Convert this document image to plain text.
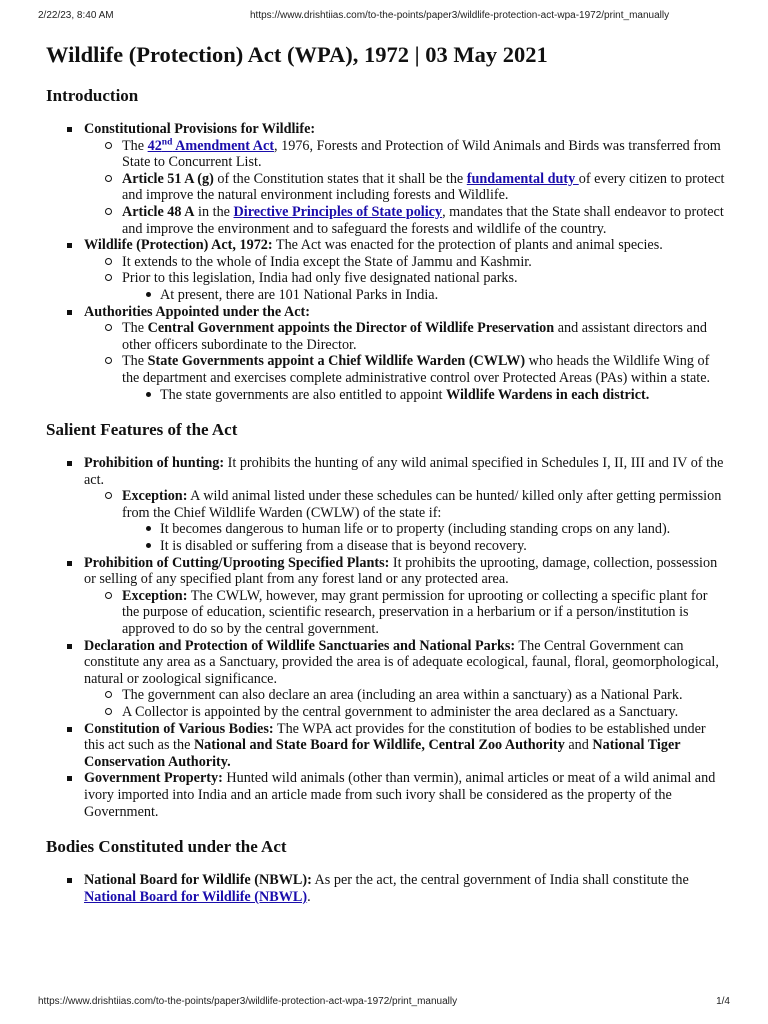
2/22/23, 8:40 AM	https://www.drishtiias.com/to-the-points/paper3/wildlife-protection-act-wpa-1972/print_manually
Wildlife (Protection) Act (WPA), 1972 | 03 May 2021
Introduction
Constitutional Provisions for Wildlife:
The 42nd Amendment Act, 1976, Forests and Protection of Wild Animals and Birds was transferred from State to Concurrent List.
Article 51 A (g) of the Constitution states that it shall be the fundamental duty of every citizen to protect and improve the natural environment including forests and Wildlife.
Article 48 A in the Directive Principles of State policy, mandates that the State shall endeavor to protect and improve the environment and to safeguard the forests and wildlife of the country.
Wildlife (Protection) Act, 1972: The Act was enacted for the protection of plants and animal species.
It extends to the whole of India except the State of Jammu and Kashmir.
Prior to this legislation, India had only five designated national parks.
At present, there are 101 National Parks in India.
Authorities Appointed under the Act:
The Central Government appoints the Director of Wildlife Preservation and assistant directors and other officers subordinate to the Director.
The State Governments appoint a Chief Wildlife Warden (CWLW) who heads the Wildlife Wing of the department and exercises complete administrative control over Protected Areas (PAs) within a state.
The state governments are also entitled to appoint Wildlife Wardens in each district.
Salient Features of the Act
Prohibition of hunting: It prohibits the hunting of any wild animal specified in Schedules I, II, III and IV of the act.
Exception: A wild animal listed under these schedules can be hunted/ killed only after getting permission from the Chief Wildlife Warden (CWLW) of the state if:
It becomes dangerous to human life or to property (including standing crops on any land).
It is disabled or suffering from a disease that is beyond recovery.
Prohibition of Cutting/Uprooting Specified Plants: It prohibits the uprooting, damage, collection, possession or selling of any specified plant from any forest land or any protected area.
Exception: The CWLW, however, may grant permission for uprooting or collecting a specific plant for the purpose of education, scientific research, preservation in a herbarium or if a person/institution is approved to do so by the central government.
Declaration and Protection of Wildlife Sanctuaries and National Parks: The Central Government can constitute any area as a Sanctuary, provided the area is of adequate ecological, faunal, floral, geomorphological, natural or zoological significance.
The government can also declare an area (including an area within a sanctuary) as a National Park.
A Collector is appointed by the central government to administer the area declared as a Sanctuary.
Constitution of Various Bodies: The WPA act provides for the constitution of bodies to be established under this act such as the National and State Board for Wildlife, Central Zoo Authority and National Tiger Conservation Authority.
Government Property: Hunted wild animals (other than vermin), animal articles or meat of a wild animal and ivory imported into India and an article made from such ivory shall be considered as the property of the Government.
Bodies Constituted under the Act
National Board for Wildlife (NBWL): As per the act, the central government of India shall constitute the National Board for Wildlife (NBWL).
https://www.drishtiias.com/to-the-points/paper3/wildlife-protection-act-wpa-1972/print_manually	1/4
